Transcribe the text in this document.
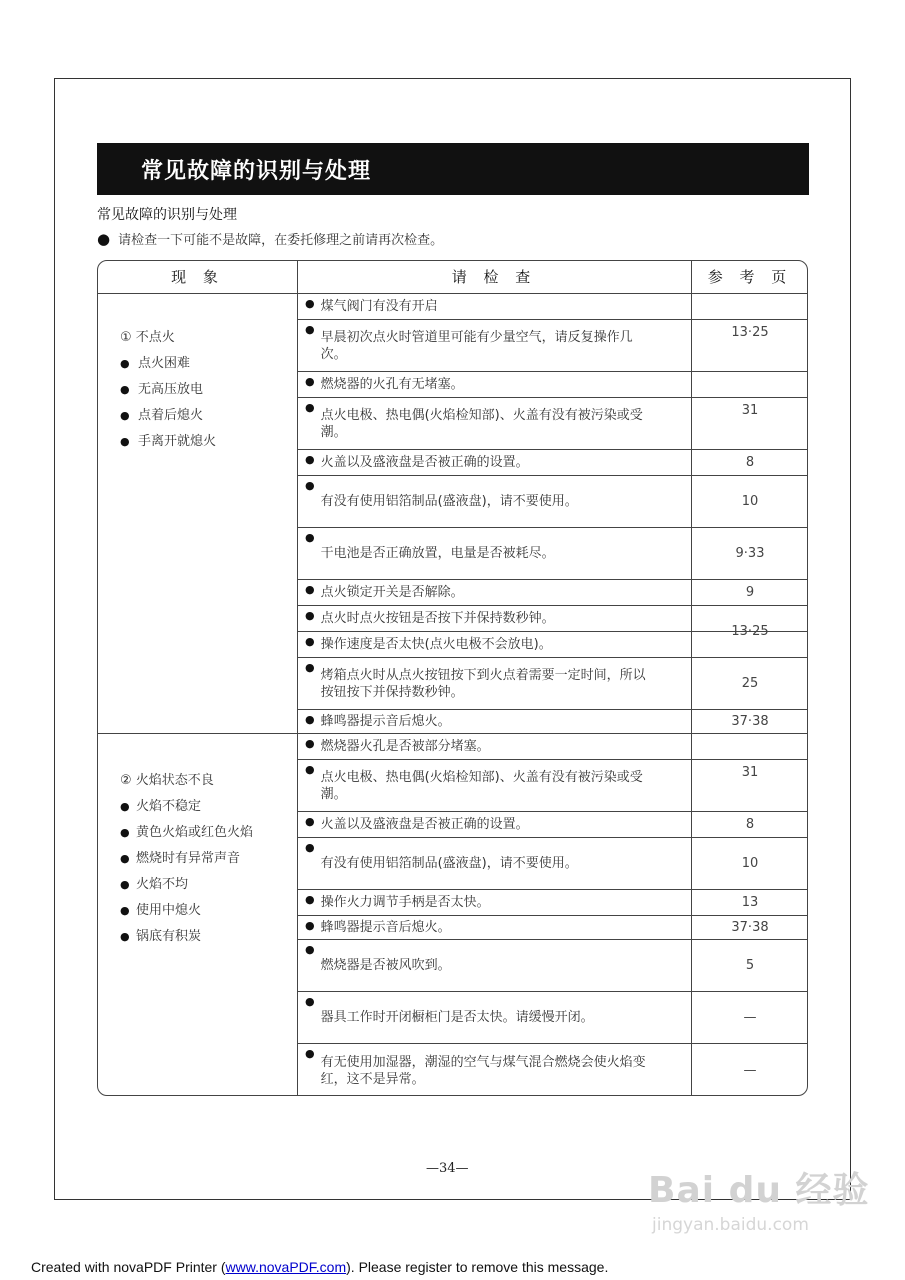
常见故障的识别与处理
常见故障的识别与处理
● 请检查一下可能不是故障，在委托修理之前请再次检查。
现 象	请 检 查	参 考 页
① 不点火
● 点火困难
● 无高压放电
● 点着后熄火
● 手离开就熄火
● 煤气阀门有没有开启
● 早晨初次点火时管道里可能有少量空气，请反复操作几次。
● 燃烧器的火孔有无堵塞。
● 点火电极、热电偶(火焰检知部)、火盖有没有被污染或受潮。
● 火盖以及盛液盘是否被正确的设置。
●
有没有使用铝箔制品(盛液盘)，请不要使用。
●
干电池是否正确放置，电量是否被耗尽。
● 点火锁定开关是否解除。
● 点火时点火按钮是否按下并保持数秒钟。
● 操作速度是否太快(点火电极不会放电)。
● 烤箱点火时从点火按钮按下到火点着需要一定时间，所以按钮按下并保持数秒钟。
● 蜂鸣器提示音后熄火。
13·25
31
8
10
9·33
9
13·25
25
37·38
② 火焰状态不良
● 火焰不稳定
● 黄色火焰或红色火焰
● 燃烧时有异常声音
● 火焰不均
● 使用中熄火
● 锅底有积炭
● 燃烧器火孔是否被部分堵塞。
● 点火电极、热电偶(火焰检知部)、火盖有没有被污染或受潮。
● 火盖以及盛液盘是否被正确的设置。
●
有没有使用铝箔制品(盛液盘)，请不要使用。
● 操作火力调节手柄是否太快。
● 蜂鸣器提示音后熄火。
●
燃烧器是否被风吹到。
●
器具工作时开闭橱柜门是否太快。请缓慢开闭。
●
有无使用加湿器，潮湿的空气与煤气混合燃烧会使火焰变红，这不是异常。
31
8
10
13
37·38
5
—
—
—34—
Bai du 经验
jingyan.baidu.com
Created with novaPDF Printer (www.novaPDF.com). Please register to remove this message.
